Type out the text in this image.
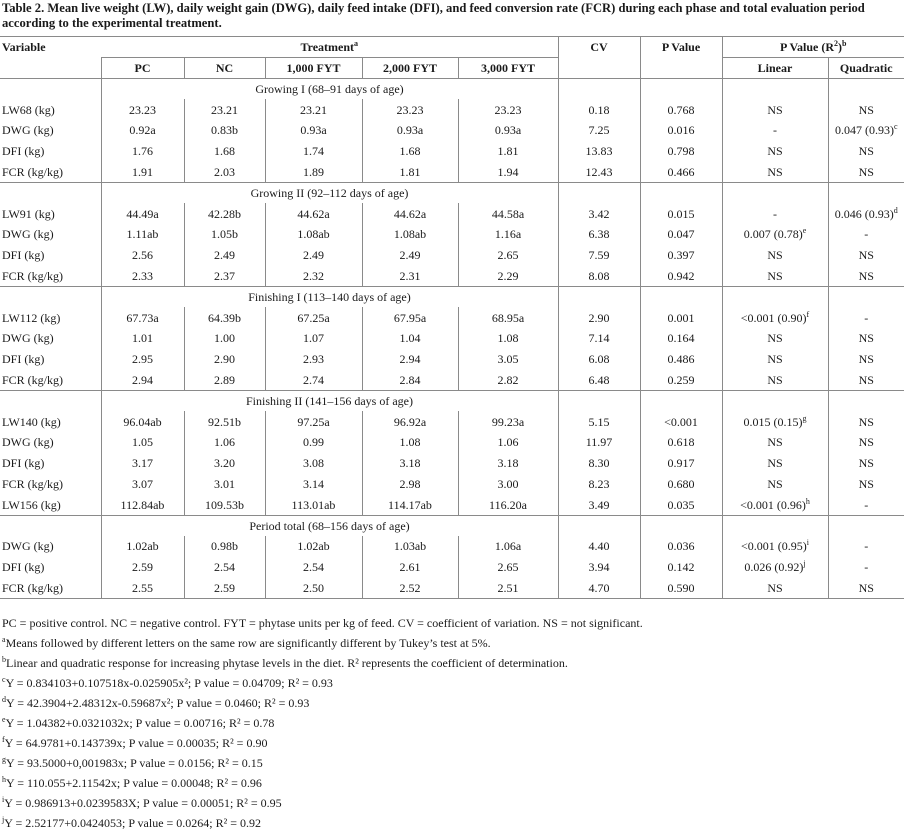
Table 2. Mean live weight (LW), daily weight gain (DWG), daily feed intake (DFI), and feed conversion rate (FCR) during each phase and total evaluation period according to the experimental treatment.
Variable	Treatment$^a$					CV	P Value	P Value $(R^2)^b$
	PC	NC	1,000 FYT	2,000 FYT	3,000 FYT			Linear	Quadratic
	Growing I (68–91 days of age)								
LW68 (kg)	23.23	23.21	23.21	23.23	23.23	0.18	0.768	NS	NS
DWG (kg)	0.92a	0.83b	0.93a	0.93a	0.93a	7.25	0.016	-	0.047 $(0.93)^c$
DFI (kg)	1.76	1.68	1.74	1.68	1.81	13.83	0.798	NS	NS
FCR (kg/kg)	1.91	2.03	1.89	1.81	1.94	12.43	0.466	NS	NS
	Growing II (92–112 days of age)								
LW91 (kg)	44.49a	42.28b	44.62a	44.62a	44.58a	3.42	0.015	-	0.046 $(0.93)^d$
DWG (kg)	1.11ab	1.05b	1.08ab	1.08ab	1.16a	6.38	0.047	0.007 $(0.78)^e$	-
DFI (kg)	2.56	2.49	2.49	2.49	2.65	7.59	0.397	NS	NS
FCR (kg/kg)	2.33	2.37	2.32	2.31	2.29	8.08	0.942	NS	NS
	Finishing I (113–140 days of age)								
LW112 (kg)	67.73a	64.39b	67.25a	67.95a	68.95a	2.90	0.001	<0.001 $(0.90)^f$	-
DWG (kg)	1.01	1.00	1.07	1.04	1.08	7.14	0.164	NS	NS
DFI (kg)	2.95	2.90	2.93	2.94	3.05	6.08	0.486	NS	NS
FCR (kg/kg)	2.94	2.89	2.74	2.84	2.82	6.48	0.259	NS	NS
	Finishing II (141–156 days of age)								
LW140 (kg)	96.04ab	92.51b	97.25a	96.92a	99.23a	5.15	<0.001	0.015 $(0.15)^g$	NS
DWG (kg)	1.05	1.06	0.99	1.08	1.06	11.97	0.618	NS	NS
DFI (kg)	3.17	3.20	3.08	3.18	3.18	8.30	0.917	NS	NS
FCR (kg/kg)	3.07	3.01	3.14	2.98	3.00	8.23	0.680	NS	NS
LW156 (kg)	112.84ab	109.53b	113.01ab	114.17ab	116.20a	3.49	0.035	<0.001 $(0.96)^h$	-
	Period total (68–156 days of age)								
DWG (kg)	1.02ab	0.98b	1.02ab	1.03ab	1.06a	4.40	0.036	<0.001 $(0.95)^i$	-
DFI (kg)	2.59	2.54	2.54	2.61	2.65	3.94	0.142	0.026 $(0.92)^j$	-
FCR (kg/kg)	2.55	2.59	2.50	2.52	2.51	4.70	0.590	NS	NS
PC = positive control. NC = negative control. FYT = phytase units per kg of feed. CV = coefficient of variation. NS = not significant.
$^a$Means followed by different letters on the same row are significantly different by Tukey’s test at 5%.
$^b$Linear and quadratic response for increasing phytase levels in the diet. R² represents the coefficient of determination.
$^c$Y = 0.834103+0.107518x-0.025905x²; P value = 0.04709; R² = 0.93
$^d$Y = 42.3904+2.48312x-0.59687x²; P value = 0.0460; R² = 0.93
$^e$Y = 1.04382+0.0321032x; P value = 0.00716; R² = 0.78
$^f$Y = 64.9781+0.143739x; P value = 0.00035; R² = 0.90
$^g$Y = 93.5000+0,001983x; P value = 0.0156; R² = 0.15
$^h$Y = 110.055+2.11542x; P value = 0.00048; R² = 0.96
$^i$Y = 0.986913+0.0239583X; P value = 0.00051; R² = 0.95
$^j$Y = 2.52177+0.0424053; P value = 0.0264; R² = 0.92
